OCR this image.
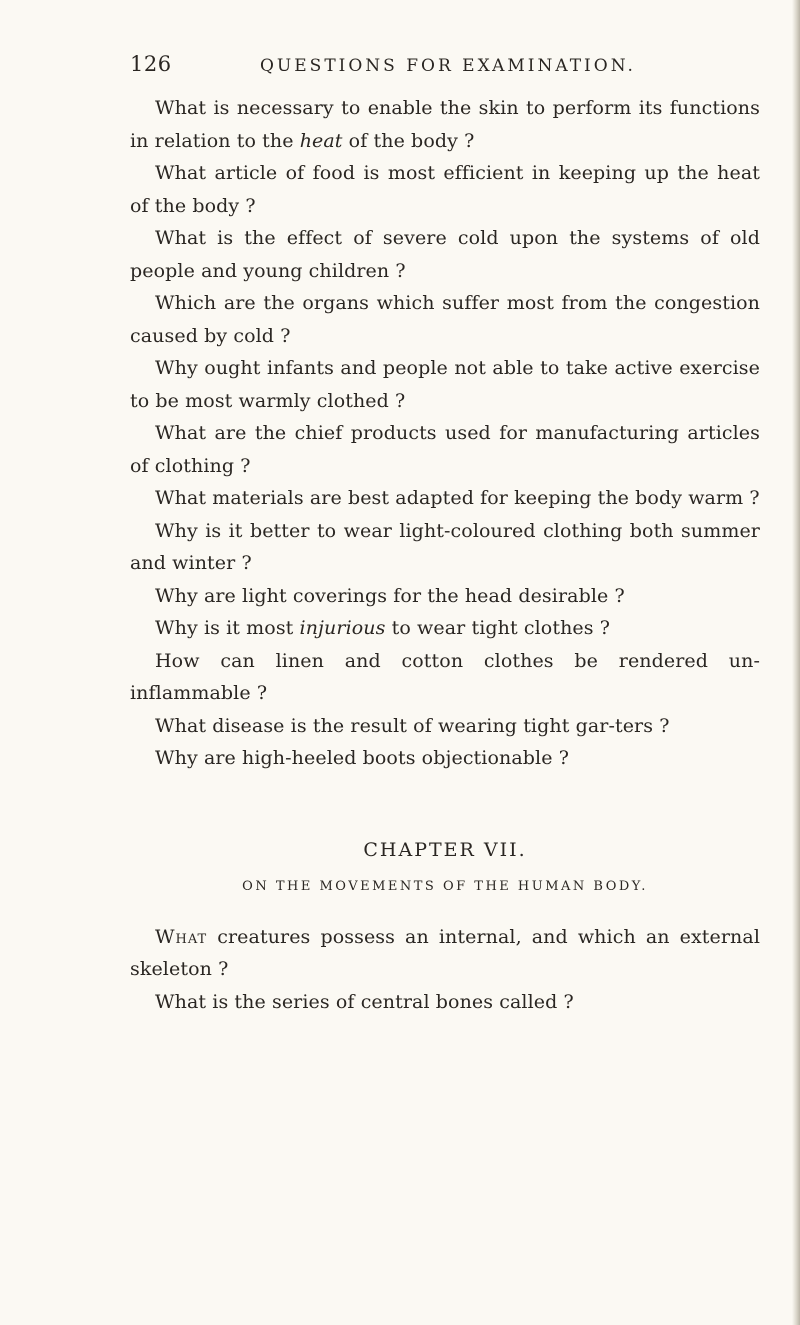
126	QUESTIONS FOR EXAMINATION.

What is necessary to enable the skin to perform its functions in relation to the heat of the body ?

What article of food is most efficient in keeping up the heat of the body ?

What is the effect of severe cold upon the systems of old people and young children ?

Which are the organs which suffer most from the congestion caused by cold ?

Why ought infants and people not able to take active exercise to be most warmly clothed ?

What are the chief products used for manufacturing articles of clothing ?

What materials are best adapted for keeping the body warm ?

Why is it better to wear light-coloured clothing both summer and winter ?

Why are light coverings for the head desirable ?

Why is it most injurious to wear tight clothes ?

How can linen and cotton clothes be rendered un-inflammable ?

What disease is the result of wearing tight gar-ters ?

Why are high-heeled boots objectionable ?

CHAPTER VII.
ON THE MOVEMENTS OF THE HUMAN BODY.

What creatures possess an internal, and which an external skeleton ?

What is the series of central bones called ?
